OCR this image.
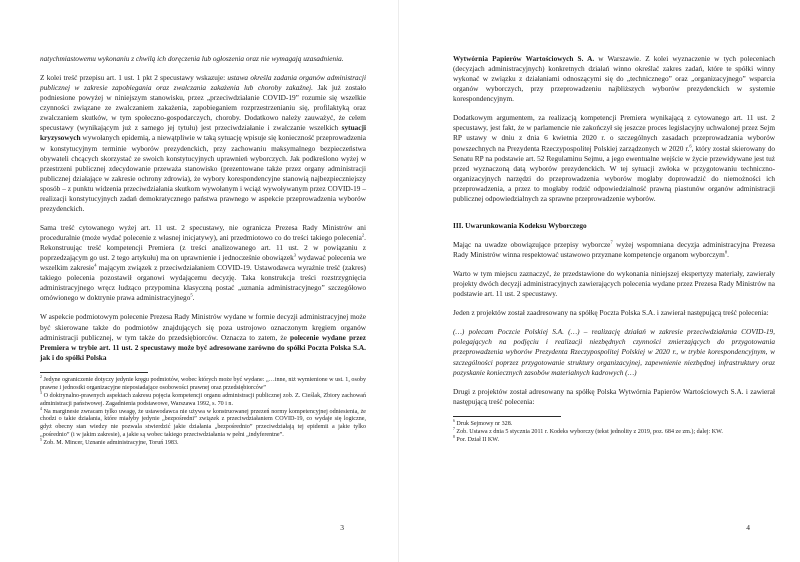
natychmiastowemu wykonaniu z chwilą ich doręczenia lub ogłoszenia oraz nie wymagają uzasadnienia.

Z kolei treść przepisu art. 1 ust. 1 pkt 2 specustawy wskazuje: ustawa określa zadania organów administracji publicznej w zakresie zapobiegania oraz zwalczania zakażenia lub choroby zakaźnej. Jak już zostało podniesione powyżej w niniejszym stanowisku, przez „przeciwdziałanie COVID-19” rozumie się wszelkie czynności związane ze zwalczaniem zakażenia, zapobieganiem rozprzestrzenianiu się, profilaktyką oraz zwalczaniem skutków, w tym społeczno-gospodarczych, choroby. Dodatkowo należy zauważyć, że celem specustawy (wynikającym już z samego jej tytułu) jest przeciwdziałanie i zwalczanie wszelkich sytuacji kryzysowych wywołanych epidemią, a niewątpliwie w taką sytuację wpisuje się konieczność przeprowadzenia w konstytucyjnym terminie wyborów prezydenckich, przy zachowaniu maksymalnego bezpieczeństwa obywateli chcących skorzystać ze swoich konstytucyjnych uprawnień wyborczych. Jak podkreślono wyżej w przestrzeni publicznej zdecydowanie przeważa stanowisko (prezentowane także przez organy administracji publicznej działające w zakresie ochrony zdrowia), że wybory korespondencyjne stanowią najbezpieczniejszy sposób – z punktu widzenia przeciwdziałania skutkom wywołanym i wciąż wywoływanym przez COVID-19 – realizacji konstytucyjnych zadań demokratycznego państwa prawnego w aspekcie przeprowadzenia wyborów prezydenckich.

Sama treść cytowanego wyżej art. 11 ust. 2 specustawy, nie ogranicza Prezesa Rady Ministrów ani proceduralnie (może wydać polecenie z własnej inicjatywy), ani przedmiotowo co do treści takiego polecenia$^2$. Rekonstruując treść kompetencji Premiera (z treści analizowanego art. 11 ust. 2 w powiązaniu z poprzedzającym go ust. 2 tego artykułu) ma on uprawnienie i jednocześnie obowiązek$^3$ wydawać polecenia we wszelkim zakresie$^4$ mającym związek z przeciwdziałaniem COVID-19. Ustawodawca wyraźnie treść (zakres) takiego polecenia pozostawił organowi wydającemu decyzję. Taka konstrukcja treści rozstrzygnięcia administracyjnego wręcz łudząco przypomina klasyczną postać „uznania administracyjnego” szczegółowo omówionego w doktrynie prawa administracyjnego$^5$.

W aspekcie podmiotowym polecenie Prezesa Rady Ministrów wydane w formie decyzji administracyjnej może być skierowane także do podmiotów znajdujących się poza ustrojowo oznaczonym kręgiem organów administracji publicznej, w tym także do przedsiębiorców. Oznacza to zatem, że polecenie wydane przez Premiera w trybie art. 11 ust. 2 specustawy może być adresowane zarówno do spółki Poczta Polska S.A. jak i do spółki Polska

$^2$ Jedyne ograniczenie dotyczy jedynie kręgu podmiotów, wobec których może być wydane: „…inne, niż wymienione w ust. 1, osoby prawne i jednostki organizacyjne nieposiadające osobowości prawnej oraz przedsiębiorców”

$^3$ O doktrynalno-prawnych aspektach zakresu pojęcia kompetencji organu administracji publicznej zob. Z. Cieślak, Zbiory zachowań administracji państwowej. Zagadnienia podstawowe, Warszawa 1992, s. 70 i n.

$^4$ Na marginesie zwracam tylko uwagę, że ustawodawca nie używa w konstruowanej przezeń normy kompetencyjnej odniesienia, że chodzi o takie działania, które miałyby jedynie „bezpośredni” związek z przeciwdziałaniem COVID-19, co wydaje się logiczne, gdyż obecny stan wiedzy nie pozwala stwierdzić jakie działania „bezpośrednio” przeciwdziałają tej epidemii a jakie tylko „pośrednio” (i w jakim zakresie), a jakie są wobec takiego przeciwdziałania w pełni „indyferentne”.

$^5$ Zob. M. Mincer, Uznanie administracyjne, Toruń 1983.

3

Wytwórnia Papierów Wartościowych S. A. w Warszawie. Z kolei wyznaczenie w tych poleceniach (decyzjach administracyjnych) konkretnych działań winno określać zakres zadań, które te spółki winny wykonać w związku z działaniami odnoszącymi się do „technicznego” oraz „organizacyjnego” wsparcia organów wyborczych, przy przeprowadzeniu najbliższych wyborów prezydenckich w systemie korespondencyjnym.

Dodatkowym argumentem, za realizacją kompetencji Premiera wynikającą z cytowanego art. 11 ust. 2 specustawy, jest fakt, że w parlamencie nie zakończył się jeszcze proces legislacyjny uchwalonej przez Sejm RP ustawy w dniu z dnia 6 kwietnia 2020 r. o szczególnych zasadach przeprowadzania wyborów powszechnych na Prezydenta Rzeczypospolitej Polskiej zarządzonych w 2020 r.$^6$, który został skierowany do Senatu RP na podstawie art. 52 Regulaminu Sejmu, a jego ewentualne wejście w życie przewidywane jest tuż przed wyznaczoną datą wyborów prezydenckich. W tej sytuacji zwłoka w przygotowaniu techniczno-organizacyjnych narzędzi do przeprowadzenia wyborów mogłaby doprowadzić do niemożności ich przeprowadzenia, a przez to mogłaby rodzić odpowiedzialność prawną piastunów organów administracji publicznej odpowiedzialnych za sprawne przeprowadzenie wyborów.

III. Uwarunkowania Kodeksu Wyborczego

Mając na uwadze obowiązujące przepisy wyborcze$^7$ wyżej wspomniana decyzja administracyjna Prezesa Rady Ministrów winna respektować ustawowo przyznane kompetencje organom wyborczym$^8$.

Warto w tym miejscu zaznaczyć, że przedstawione do wykonania niniejszej ekspertyzy materiały, zawierały projekty dwóch decyzji administracyjnych zawierających polecenia wydane przez Prezesa Rady Ministrów na podstawie art. 11 ust. 2 specustawy.

Jeden z projektów został zaadresowany na spółkę Poczta Polska S.A. i zawierał następującą treść polecenia:

(…) polecam Poczcie Polskiej S.A. (…) – realizację działań w zakresie przeciwdziałania COVID-19, polegających na podjęciu i realizacji niezbędnych czynności zmierzających do przygotowania przeprowadzenia wyborów Prezydenta Rzeczypospolitej Polskiej w 2020 r., w trybie korespondencyjnym, w szczególności poprzez przygotowanie struktury organizacyjnej, zapewnienie niezbędnej infrastruktury oraz pozyskanie koniecznych zasobów materialnych kadrowych (…)

Drugi z projektów został adresowany na spółkę Polska Wytwórnia Papierów Wartościowych S.A. i zawierał następującą treść polecenia:

$^6$ Druk Sejmowy nr 328.

$^7$ Zob. Ustawa z dnia 5 stycznia 2011 r. Kodeks wyborczy (tekst jednolity z 2019, poz. 684 ze zm.); dalej: KW.

$^8$ Por. Dział II KW.

4
